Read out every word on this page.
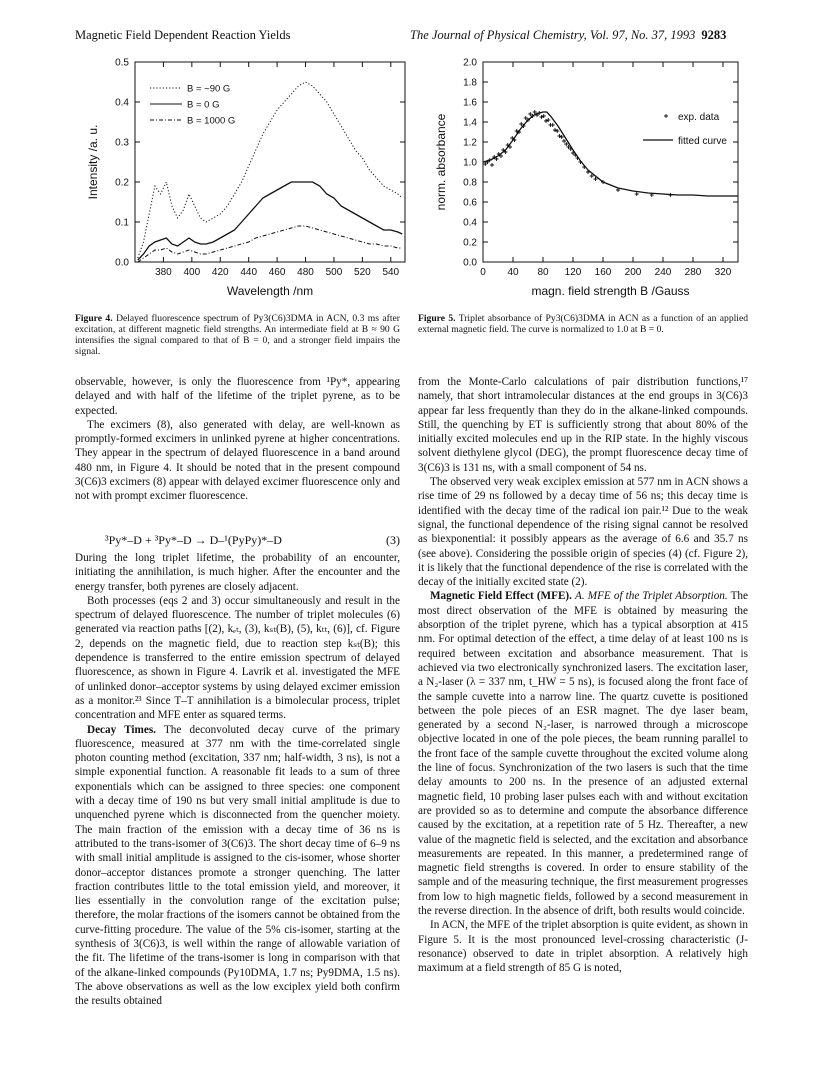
Magnetic Field Dependent Reaction Yields	The Journal of Physical Chemistry, Vol. 97, No. 37, 1993 9283
380 400 420 440 460 480 500 520 540
0.0
0.1
0.2
0.3
0.4
0.5
Wavelength /nm
Intensity /a. u.
B = ~90 G
B = 0 G
B = 1000 G
0 40 80 120 160 200 240 280 320
0.0
0.2
0.4
0.6
0.8
1.0
1.2
1.4
1.6
1.8
2.0
magn. field strength B /Gauss
norm. absorbance	exp. data
fitted curve
Figure 4. Delayed fluorescence spectrum of Py3(C6)3DMA in ACN, 0.3 ms after excitation, at different magnetic field strengths. An intermediate field at B ≈ 90 G intensifies the signal compared to that of B = 0, and a stronger field impairs the signal.
Figure 5. Triplet absorbance of Py3(C6)3DMA in ACN as a function of an applied external magnetic field. The curve is normalized to 1.0 at B = 0.

observable, however, is only the fluorescence from ¹Py*, appearing delayed and with half of the lifetime of the triplet pyrene, as to be expected.

The excimers (8), also generated with delay, are well-known as promptly-formed excimers in unlinked pyrene at higher concentrations. They appear in the spectrum of delayed fluorescence in a band around 480 nm, in Figure 4. It should be noted that in the present compound 3(C6)3 excimers (8) appear with delayed excimer fluorescence only and not with prompt excimer fluorescence.

³Py*–D + ³Py*–D → D–¹(PyPy)*–D	(3)

During the long triplet lifetime, the probability of an encounter, initiating the annihilation, is much higher. After the encounter and the energy transfer, both pyrenes are closely adjacent.

Both processes (eqs 2 and 3) occur simultaneously and result in the spectrum of delayed fluorescence. The number of triplet molecules (6) generated via reaction paths [(2), kₑₜ, (3), kₛₜ(B), (5), kₜₜ, (6)], cf. Figure 2, depends on the magnetic field, due to reaction step kₛₜ(B); this dependence is transferred to the entire emission spectrum of delayed fluorescence, as shown in Figure 4. Lavrik et al. investigated the MFE of unlinked donor–acceptor systems by using delayed excimer emission as a monitor.²³ Since T–T annihilation is a bimolecular process, triplet concentration and MFE enter as squared terms.

Decay Times. The deconvoluted decay curve of the primary fluorescence, measured at 377 nm with the time-correlated single photon counting method (excitation, 337 nm; half-width, 3 ns), is not a simple exponential function. A reasonable fit leads to a sum of three exponentials which can be assigned to three species: one component with a decay time of 190 ns but very small initial amplitude is due to unquenched pyrene which is disconnected from the quencher moiety. The main fraction of the emission with a decay time of 36 ns is attributed to the trans-isomer of 3(C6)3. The short decay time of 6–9 ns with small initial amplitude is assigned to the cis-isomer, whose shorter donor–acceptor distances promote a stronger quenching. The latter fraction contributes little to the total emission yield, and moreover, it lies essentially in the convolution range of the excitation pulse; therefore, the molar fractions of the isomers cannot be obtained from the curve-fitting procedure. The value of the 5% cis-isomer, starting at the synthesis of 3(C6)3, is well within the range of allowable variation of the fit. The lifetime of the trans-isomer is long in comparison with that of the alkane-linked compounds (Py10DMA, 1.7 ns; Py9DMA, 1.5 ns). The above observations as well as the low exciplex yield both confirm the results obtained

from the Monte-Carlo calculations of pair distribution functions,¹⁷ namely, that short intramolecular distances at the end groups in 3(C6)3 appear far less frequently than they do in the alkane-linked compounds. Still, the quenching by ET is sufficiently strong that about 80% of the initially excited molecules end up in the RIP state. In the highly viscous solvent diethylene glycol (DEG), the prompt fluorescence decay time of 3(C6)3 is 131 ns, with a small component of 54 ns.

The observed very weak exciplex emission at 577 nm in ACN shows a rise time of 29 ns followed by a decay time of 56 ns; this decay time is identified with the decay time of the radical ion pair.¹² Due to the weak signal, the functional dependence of the rising signal cannot be resolved as biexponential: it possibly appears as the average of 6.6 and 35.7 ns (see above). Considering the possible origin of species (4) (cf. Figure 2), it is likely that the functional dependence of the rise is correlated with the decay of the initially excited state (2).

Magnetic Field Effect (MFE). A. MFE of the Triplet Absorption. The most direct observation of the MFE is obtained by measuring the absorption of the triplet pyrene, which has a typical absorption at 415 nm. For optimal detection of the effect, a time delay of at least 100 ns is required between excitation and absorbance measurement. That is achieved via two electronically synchronized lasers. The excitation laser, a N₂-laser (λ = 337 nm, t_HW = 5 ns), is focused along the front face of the sample cuvette into a narrow line. The quartz cuvette is positioned between the pole pieces of an ESR magnet. The dye laser beam, generated by a second N₂-laser, is narrowed through a microscope objective located in one of the pole pieces, the beam running parallel to the front face of the sample cuvette throughout the excited volume along the line of focus. Synchronization of the two lasers is such that the time delay amounts to 200 ns. In the presence of an adjusted external magnetic field, 10 probing laser pulses each with and without excitation are provided so as to determine and compute the absorbance difference caused by the excitation, at a repetition rate of 5 Hz. Thereafter, a new value of the magnetic field is selected, and the excitation and absorbance measurements are repeated. In this manner, a predetermined range of magnetic field strengths is covered. In order to ensure stability of the sample and of the measuring technique, the first measurement progresses from low to high magnetic fields, followed by a second measurement in the reverse direction. In the absence of drift, both results would coincide.

In ACN, the MFE of the triplet absorption is quite evident, as shown in Figure 5. It is the most pronounced level-crossing characteristic (J-resonance) observed to date in triplet absorption. A relatively high maximum at a field strength of 85 G is noted,
